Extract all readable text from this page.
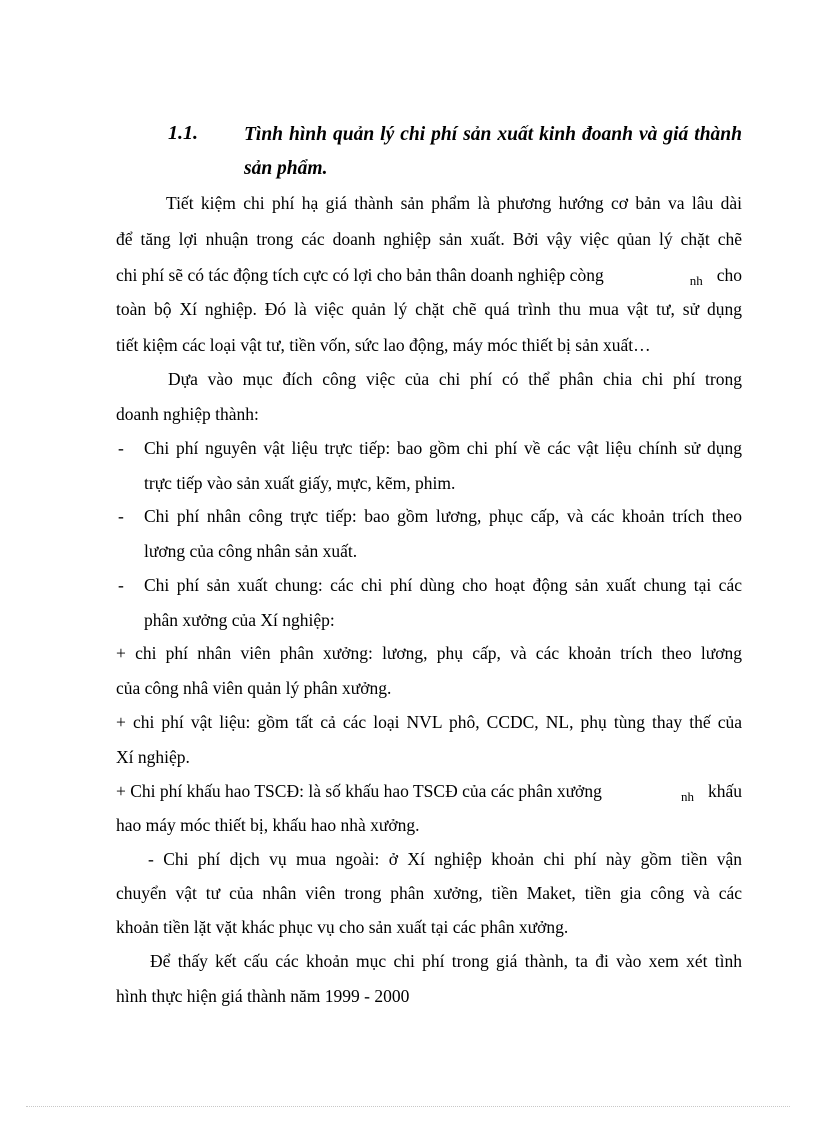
1.1. Tình hình quản lý chi phí sản xuất kinh đoanh và giá thành sản phẩm.
Tiết kiệm chi phí hạ giá thành sản phẩm là phương hướng cơ bản va lâu dài
để tăng lợi nhuận trong các doanh nghiệp sản xuất. Bởi vậy việc qủan lý chặt chẽ
chi phí sẽ có tác động tích cực có lợi cho bản thân doanh nghiệp còng	$_{nh}$ cho
toàn bộ Xí nghiệp. Đó là việc quản lý chặt chẽ quá trình thu mua vật tư, sử dụng
tiết kiệm các loại vật tư, tiền vốn, sức lao động, máy móc thiết bị sản xuất…
Dựa vào mục đích công việc của chi phí có thể phân chia chi phí trong
doanh nghiệp thành:
- Chi phí nguyên vật liệu trực tiếp: bao gồm chi phí về các vật liệu chính sử dụng
trực tiếp vào sản xuất giấy, mực, kẽm, phim.
- Chi phí nhân công trực tiếp: bao gồm lương, phục cấp, và các khoản trích theo
lương của công nhân sản xuất.
- Chi phí sản xuất chung: các chi phí dùng cho hoạt động sản xuất chung tại các
phân xưởng của Xí nghiệp:
+ chi phí nhân viên phân xưởng: lương, phụ cấp, và các khoản trích theo lương
của công nhâ viên quản lý phân xưởng.
+ chi phí vật liệu: gồm tất cả các loại NVL phô, CCDC, NL, phụ tùng thay thế của
Xí nghiệp.
+ Chi phí khấu hao TSCĐ: là số khấu hao TSCĐ của các phân xưởng	$_{nh}$ khấu
hao máy móc thiết bị, khấu hao nhà xưởng.
- Chi phí dịch vụ mua ngoài: ở Xí nghiệp khoản chi phí này gồm tiền vận
chuyển vật tư của nhân viên trong phân xưởng, tiền Maket, tiền gia công và các
khoản tiền lặt vặt khác phục vụ cho sản xuất tại các phân xưởng.
Để thấy kết cấu các khoản mục chi phí trong giá thành, ta đi vào xem xét tình
hình thực hiện giá thành năm 1999 - 2000
